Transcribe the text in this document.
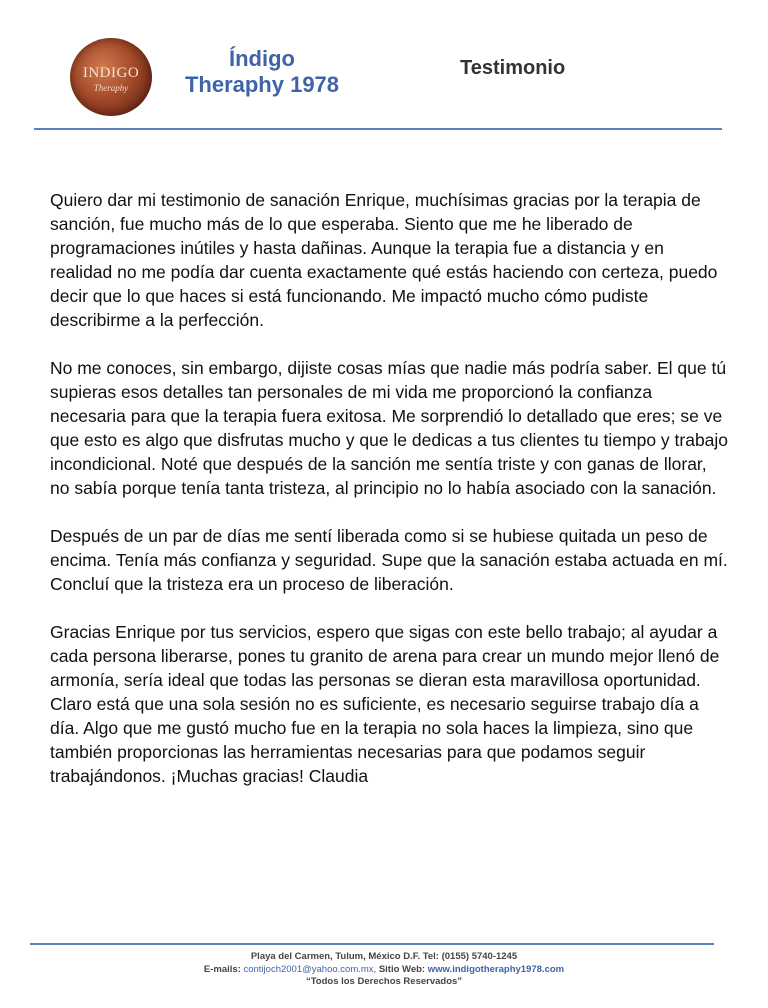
INDIGO
Theraphy
Índigo
Theraphy 1978
Testimonio

Quiero dar mi testimonio de sanación Enrique, muchísimas gracias por la terapia de sanción, fue mucho más de lo que esperaba. Siento que me he liberado de programaciones inútiles y hasta dañinas. Aunque la terapia fue a distancia y en realidad no me podía dar cuenta exactamente qué estás haciendo con certeza, puedo decir que lo que haces si está funcionando. Me impactó mucho cómo pudiste describirme a la perfección.

No me conoces, sin embargo, dijiste cosas mías que nadie más podría saber. El que tú supieras esos detalles tan personales de mi vida me proporcionó la confianza necesaria para que la terapia fuera exitosa. Me sorprendió lo detallado que eres; se ve que esto es algo que disfrutas mucho y que le dedicas a tus clientes tu tiempo y trabajo incondicional. Noté que después de la sanción me sentía triste y con ganas de llorar, no sabía porque tenía tanta tristeza, al principio no lo había asociado con la sanación.

Después de un par de días me sentí liberada como si se hubiese quitada un peso de encima. Tenía más confianza y seguridad. Supe que la sanación estaba actuada en mí. Concluí que la tristeza era un proceso de liberación.

Gracias Enrique por tus servicios, espero que sigas con este bello trabajo; al ayudar a cada persona liberarse, pones tu granito de arena para crear un mundo mejor llenó de armonía, sería ideal que todas las personas se dieran esta maravillosa oportunidad. Claro está que una sola sesión no es suficiente, es necesario seguirse trabajo día a día. Algo que me gustó mucho fue en la terapia no sola haces la limpieza, sino que también proporcionas las herramientas necesarias para que podamos seguir trabajándonos. ¡Muchas gracias! Claudia

Playa del Carmen, Tulum, México D.F. Tel: (0155) 5740-1245
E-mails: contijoch2001@yahoo.com.mx, Sitio Web: www.indigotheraphy1978.com
“Todos los Derechos Reservados”
